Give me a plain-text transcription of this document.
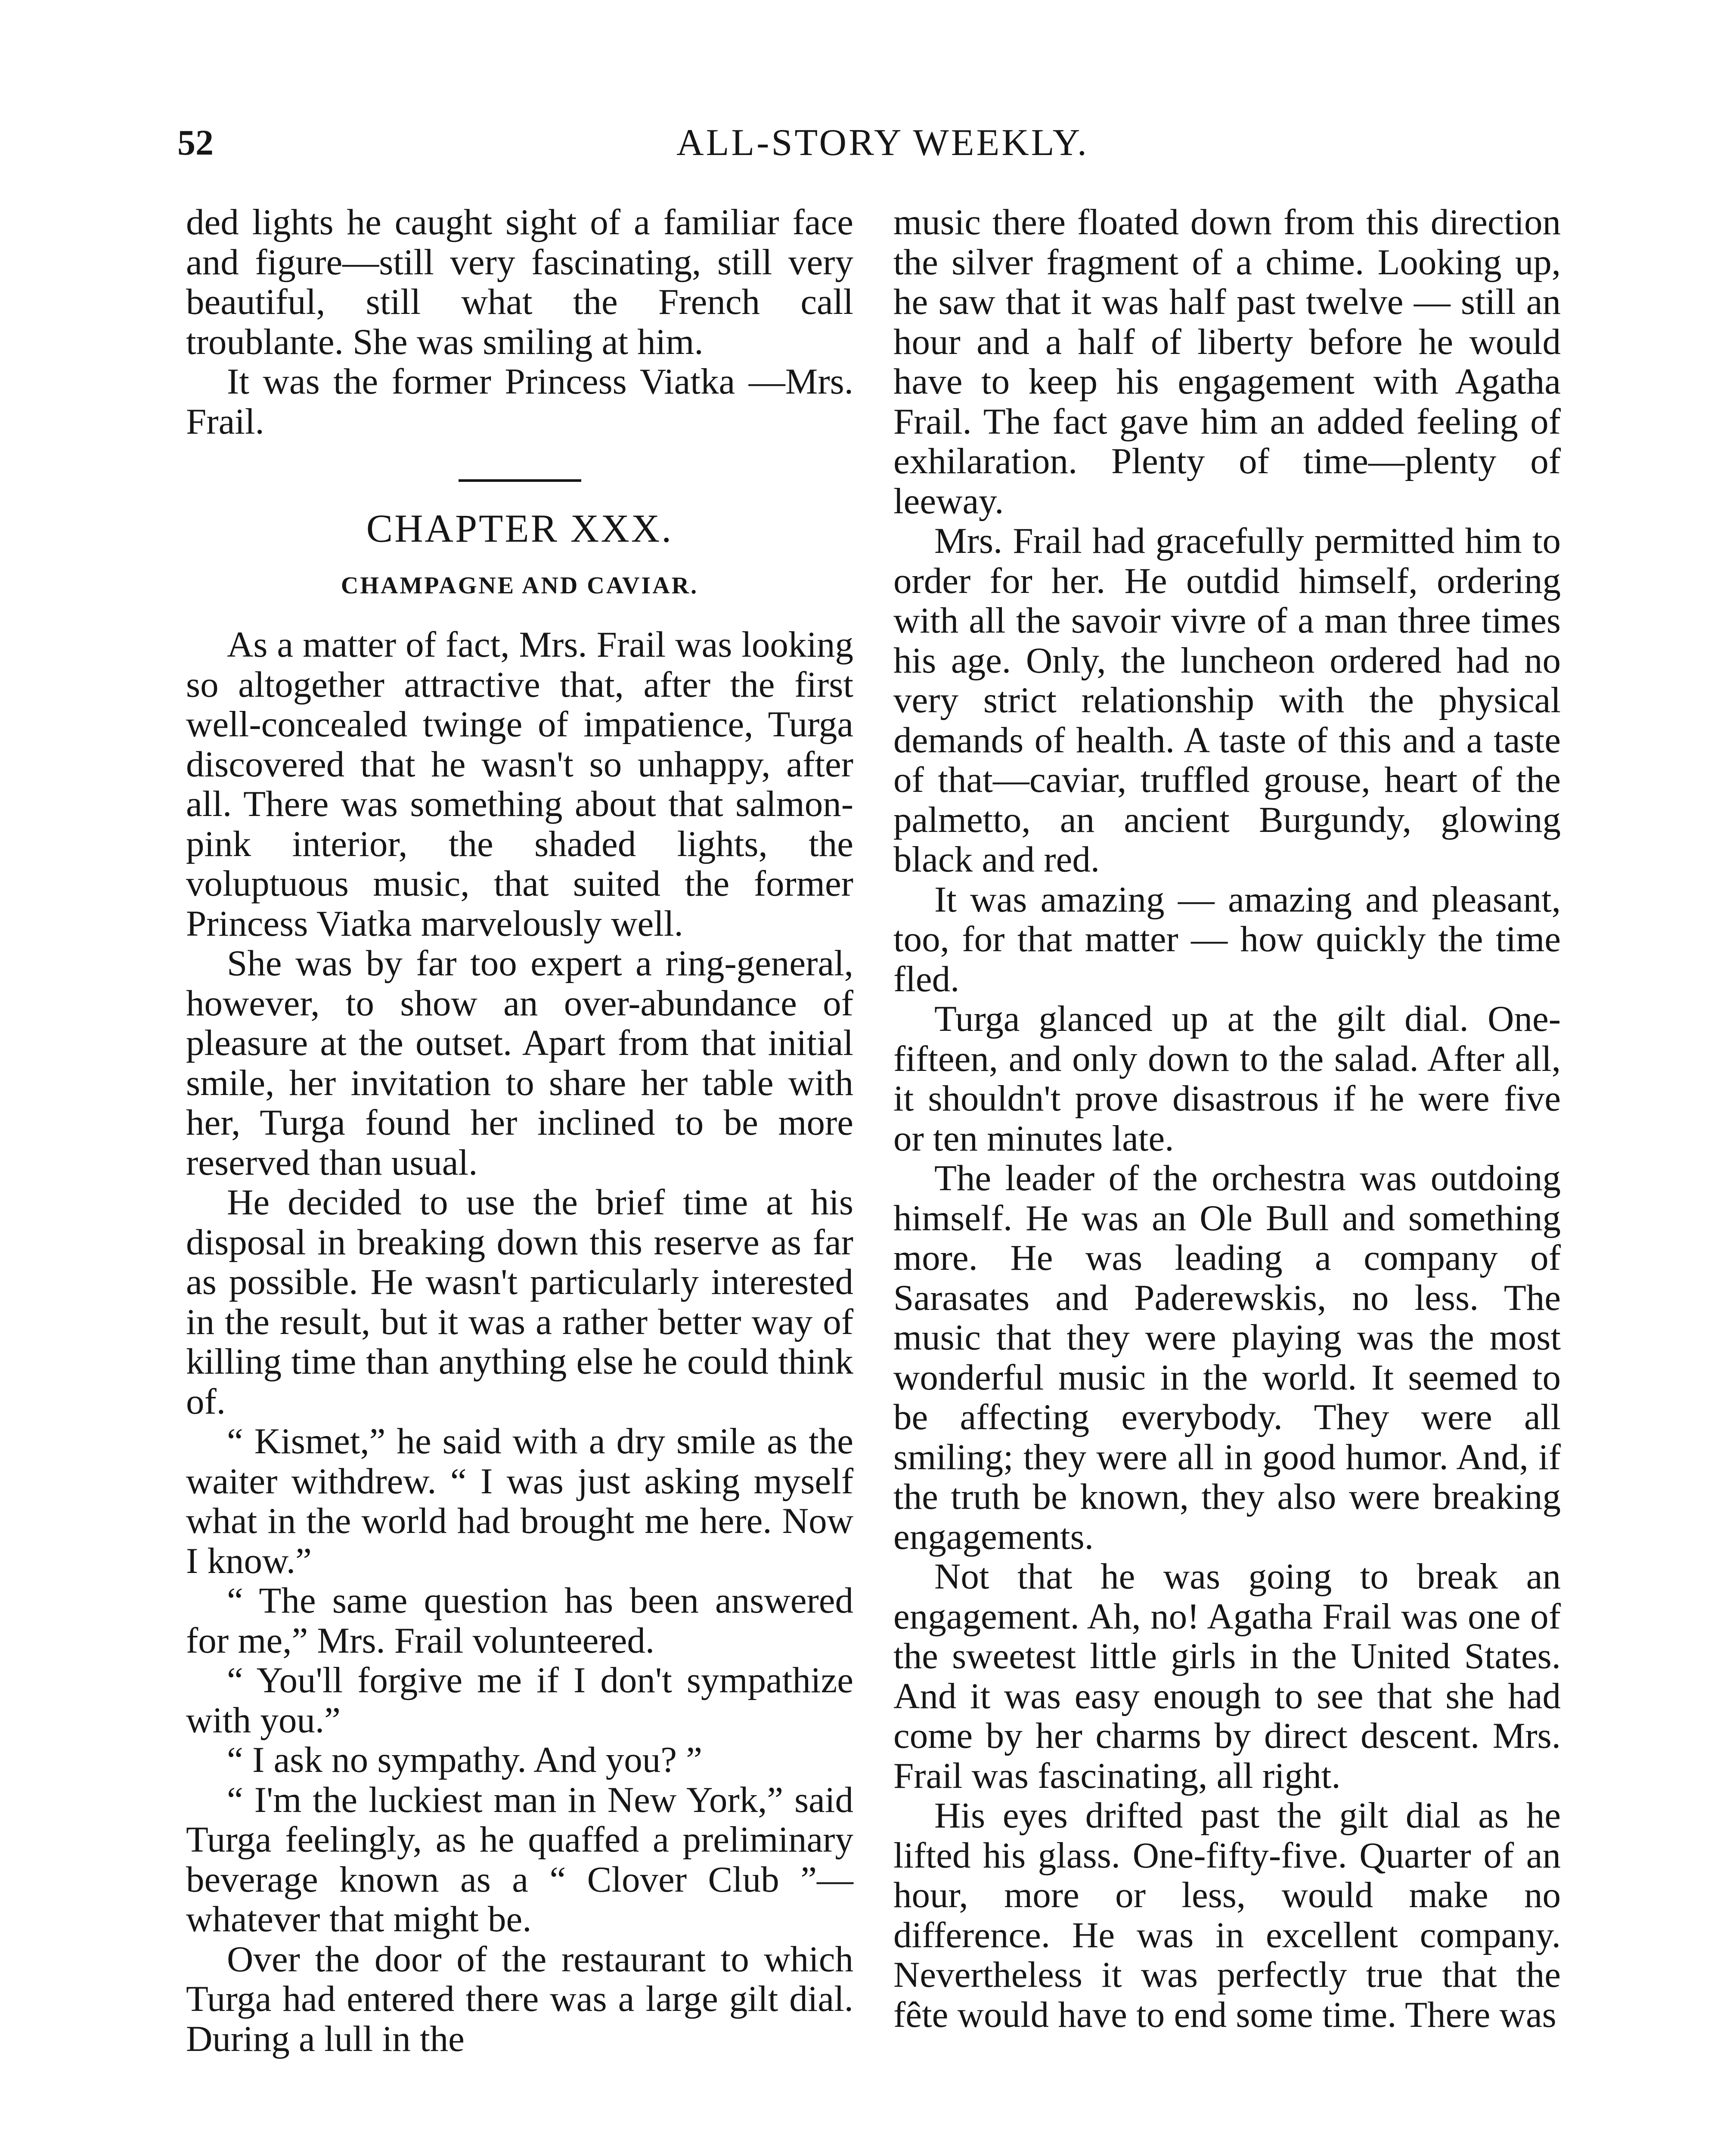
52	ALL-STORY WEEKLY.

ded lights he caught sight of a familiar face and figure—still very fascinating, still very beautiful, still what the French call troublante. She was smiling at him.

It was the former Princess Viatka —Mrs. Frail.

CHAPTER XXX.
CHAMPAGNE AND CAVIAR.

As a matter of fact, Mrs. Frail was looking so altogether attractive that, after the first well-concealed twinge of impatience, Turga discovered that he wasn't so unhappy, after all. There was something about that salmon-pink interior, the shaded lights, the voluptuous music, that suited the former Princess Viatka marvelously well.

She was by far too expert a ring-general, however, to show an over-abundance of pleasure at the outset. Apart from that initial smile, her invitation to share her table with her, Turga found her inclined to be more reserved than usual.

He decided to use the brief time at his disposal in breaking down this reserve as far as possible. He wasn't particularly interested in the result, but it was a rather better way of killing time than anything else he could think of.

“ Kismet,” he said with a dry smile as the waiter withdrew. “ I was just asking myself what in the world had brought me here. Now I know.”

“ The same question has been answered for me,” Mrs. Frail volunteered.

“ You'll forgive me if I don't sympathize with you.”

“ I ask no sympathy. And you? ”

“ I'm the luckiest man in New York,” said Turga feelingly, as he quaffed a preliminary beverage known as a “ Clover Club ”—whatever that might be.

Over the door of the restaurant to which Turga had entered there was a large gilt dial. During a lull in the

music there floated down from this direction the silver fragment of a chime. Looking up, he saw that it was half past twelve — still an hour and a half of liberty before he would have to keep his engagement with Agatha Frail. The fact gave him an added feeling of exhilaration. Plenty of time—plenty of leeway.

Mrs. Frail had gracefully permitted him to order for her. He outdid himself, ordering with all the savoir vivre of a man three times his age. Only, the luncheon ordered had no very strict relationship with the physical demands of health. A taste of this and a taste of that—caviar, truffled grouse, heart of the palmetto, an ancient Burgundy, glowing black and red.

It was amazing — amazing and pleasant, too, for that matter — how quickly the time fled.

Turga glanced up at the gilt dial. One-fifteen, and only down to the salad. After all, it shouldn't prove disastrous if he were five or ten minutes late.

The leader of the orchestra was outdoing himself. He was an Ole Bull and something more. He was leading a company of Sarasates and Paderewskis, no less. The music that they were playing was the most wonderful music in the world. It seemed to be affecting everybody. They were all smiling; they were all in good humor. And, if the truth be known, they also were breaking engagements.

Not that he was going to break an engagement. Ah, no! Agatha Frail was one of the sweetest little girls in the United States. And it was easy enough to see that she had come by her charms by direct descent. Mrs. Frail was fascinating, all right.

His eyes drifted past the gilt dial as he lifted his glass. One-fifty-five. Quarter of an hour, more or less, would make no difference. He was in excellent company. Nevertheless it was perfectly true that the fête would have to end some time. There was
